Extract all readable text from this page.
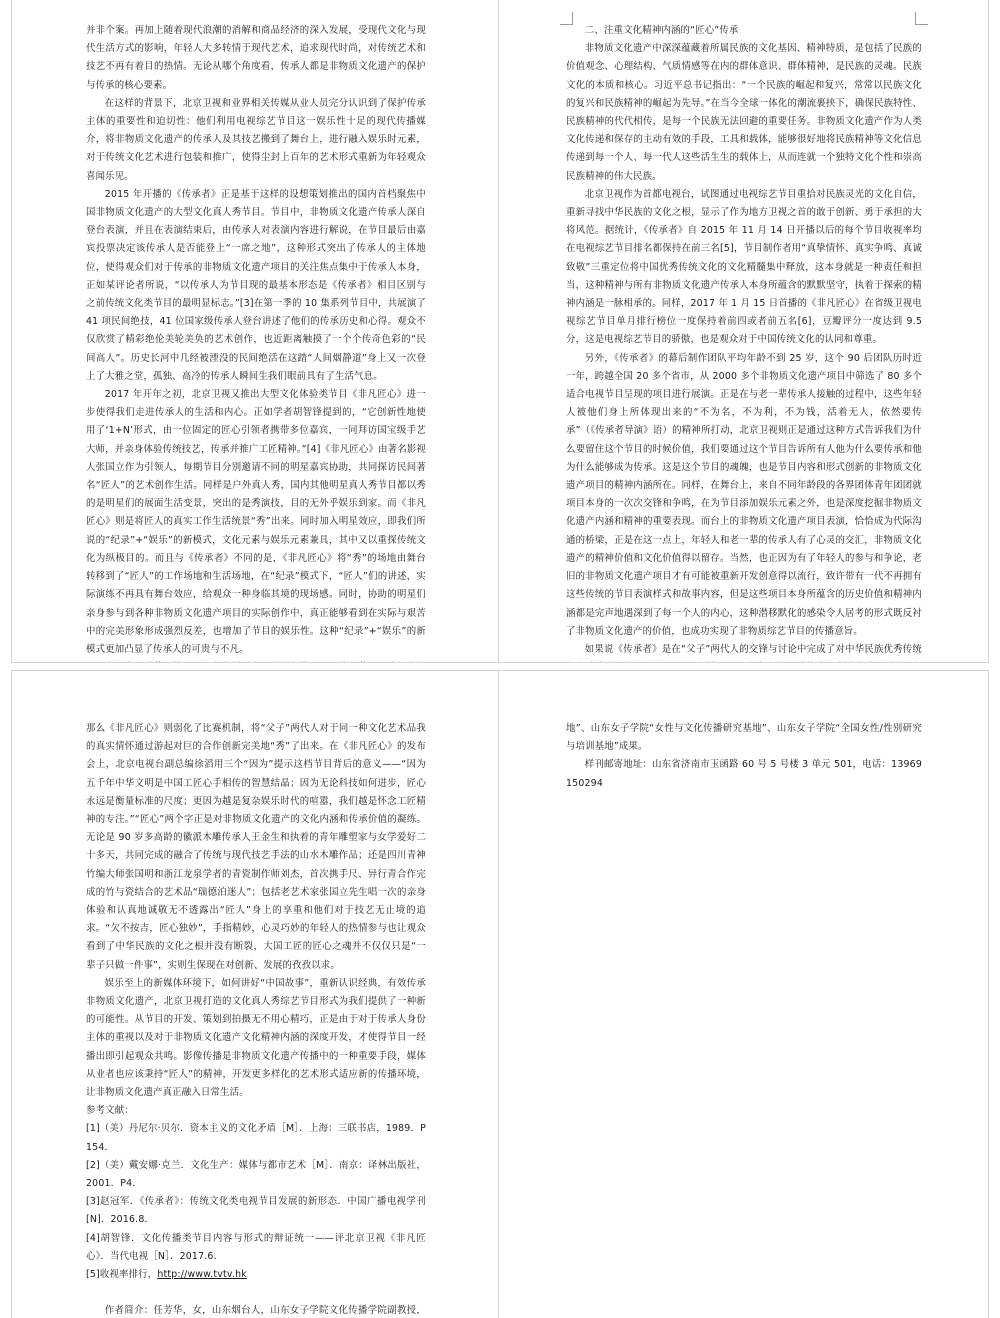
并非个案。再加上随着现代浪潮的消解和商品经济的深入发展，受现代文化与现代生活方式的影响，年轻人大多转情于现代艺术，追求现代时尚，对传统艺术和技艺不再有着目的热情。无论从哪个角度看，传承人都是非物质文化遗产的保护与传承的核心要素。

在这样的背景下，北京卫视和业界相关传媒从业人员完分认识到了保护传承主体的重要性和迫切性：他们利用电视综艺节目这一娱乐性十足的现代传播媒介，将非物质文化遗产的传承人及其技艺搬到了舞台上，进行融入娱乐时元素，对于传统文化艺术进行包装和推广，使得尘封上百年的艺术形式重新为年轻观众喜闻乐见。

2015 年开播的《传承者》正是基于这样的设想策划推出的国内首档聚焦中国非物质文化遗产的大型文化真人秀节目。节目中，非物质文化遗产传承人深自登台表演，并且在表演结束后，由传承人对表演内容进行解说，在节目最后由嘉宾投票决定该传承人是否能登上“一席之地”，这种形式突出了传承人的主体地位，使得观众们对于传承的非物质文化遗产项目的关注焦点集中于传承人本身，正如某评论者所说，“以传承人为节目现的最基本形态是《传承者》相目区别与之前传统文化类节目的最明显标志。”[3]在第一季的 10 集系列节目中，共展演了 41 项民间绝技，41 位国家级传承人登台讲述了他们的传承历史和心得。观众不仅欣赏了精彩绝伦美轮美奂的艺术创作，也近距离触摸了一个个传奇色彩的“民间高人”。历史长河中几经被湮没的民间绝活在这踏“人间烟静道”身上又一次登上了大雅之堂，孤独、高冷的传承人瞬间生我们眼前具有了生活气息。

2017 年开年之初，北京卫视又推出大型文化体验类节目《非凡匠心》进一步使得我们走进传承人的生活和内心。正如学者胡智锋提到的，“它创新性地使用了‘1+N’形式，由一位固定的匠心引领者携带多位嘉宾，一同拜访国宝级手艺大师，并亲身体验传统技艺，传承并推广工匠精神。”[4]《非凡匠心》由著名影视人张国立作为引领人，每期节目分别邀请不同的明星嘉宾协助，共同探访民间著名“匠人”的艺术创作生活。同样是户外真人秀，国内其他明星真人秀节目都以秀的是明星们的展面生活变景，突出的是秀演技，目的无外乎娱乐到家。而《非凡匠心》则是将匠人的真实工作生活统景“秀”出来。同时加入明星效应，即我们所说的“纪录”+“娱乐”的新模式，文化元素与娱乐元素兼具，其中又以重探传统文化为纵极目的。而且与《传承者》不同的是，《非凡匠心》将“秀”的场地由舞台转移到了“匠人”的工作场地和生活场地，在“纪录”模式下，“匠人”们的讲述，实际演练不再具有舞台效应，给观众一种身临其境的现场感。同时，协助的明星们亲身参与到各种非物质文化遗产项目的实际创作中，真正能够看到在实际与艰苦中的完美形象形成强烈反差，也增加了节目的娱乐性。这种“纪录”+“娱乐”的新模式更加凸显了传承人的可贵与不凡。

二、注重文化精神内涵的“匠心”传承

非物质文化遗产中深深蕴藏着所属民族的文化基因、精神特质，是包括了民族的价值观念、心理结构、气质情感等在内的群体意识、群体精神，是民族的灵魂。民族文化的本质和核心。习近平总书记指出：“一个民族的崛起和复兴，常常以民族文化的复兴和民族精神的崛起为先导。”在当今全球一体化的潮流裹挟下，确保民族特性、民族精神的代代相传，是每一个民族无法回避的重要任务。非物质文化遗产作为人类文化传递和保存的主动有效的手段，工具和载体，能够很好地将民族精神等文化信息传递到每一个人、每一代人这些活生生的载体上，从而连就一个独特文化个性和崇高民族精神的伟大民族。

北京卫视作为首都电视台，试图通过电视综艺节目重拾对民族灵光的文化自信，重新寻找中华民族的文化之根，显示了作为地方卫视之首的敢于创新、勇于承担的大将风范。据统计，《传承者》自 2015 年 11 月 14 日开播以后的每个节目收视率均在电视综艺节目排名都保持在前三名[5]，节目制作者用“真挚情怀、真实争鸣、真诚致敬”三重定位将中国优秀传统文化的文化精髓集中释放，这本身就是一种责任和担当，这种精神与所有非物质文化遗产传承人本身所蕴含的默默坚守，执着于探索的精神内涵是一脉相承的。同样，2017 年 1 月 15 日首播的《非凡匠心》在省级卫视电视综艺节目单月排行榜位一度保持着前四或者前五名[6]，豆瓣评分一度达到 9.5 分，这是电视综艺节目的骄傲，也是观众对于中国传统文化的认同和尊重。

另外，《传承者》的幕后制作团队平均年龄不到 25 岁，这个 90 后团队历时近一年，跨越全国 20 多个省市，从 2000 多个非物质文化遗产项目中筛选了 80 多个适合电视节目呈现的项目进行展演。正是在与老一辈传承人接触的过程中，这些年轻人被他们身上所体现出来的“不为名，不为利，不为钱，活着无人，依然要传承”（《传承者导演》语）的精神所打动，北京卫视则正是通过这种方式告诉我们为什么要留住这个节目的时候价值，我们要通过这个节目告诉所有人他为什么要传承和他为什么能够成为传承。这是这个节目的魂魄，也是节目内容和形式创新的非物质文化遗产项目的精神内涵所在。同样，在舞台上，来自不同年龄段的各界团体青年团团就项目本身的一次次交锋和争鸣，在为节目添加娱乐元素之外，也是深度挖掘非物质文化遗产内涵和精神的重要表现。而台上的非物质文化遗产项目表演，恰恰成为代际沟通的桥梁，正是在这一点上，年轻人和老一辈的传承人有了心灵的交汇，非物质文化遗产的精神价值和文化价值得以留存。当然，也正因为有了年轻人的参与和争论，老旧的非物质文化遗产项目才有可能被重新开发创意得以流行，致许带有一代不再拥有这些传统的节目表演样式和故事内容，但是这些项目本身所蕴含的历史价值和精神内涵都是完声地遇深到了每一个人的内心，这种潜移默化的感染令人居考的形式既反衬了非物质文化遗产的价值，也成功实现了非物质综艺节目的传播意旨。

如果说《传承者》是在“父子”两代人的交锋与讨论中完成了对中华民族优秀传统

那么《非凡匠心》则弱化了比赛机制，将“父子”两代人对于同一种文化艺术品我的真实情怀通过游起对巨的合作创新完美地“秀”了出来。在《非凡匠心》的发布会上，北京电视台副总编徐滔用三个“因为”提示这档节目背后的意义——“因为五千年中华文明是中国工匠心手相传的智慧结晶；因为无论科技如何进步，匠心永远是衡量标准的尺度；更因为越是复杂娱乐时代的喧嚣，我们越是怀念工匠精神的专注。”“匠心”两个字正是对非物质文化遗产的文化内涵和传承价值的凝练。无论是 90 岁多高龄的徽派木雕传承人王金生和执着的青年雕塑家与女学爱好二十多天，共同完成的融合了传统与现代技艺手法的山水木雕作品；还是四川青神竹编大师张国明和浙江龙泉学者的青瓷制作师刘杰，首次携手尺、异行青合作完成的竹与瓷结合的艺术品“瑞德泊迷人”；包括老艺术家张国立先生唱一次的亲身体验和认真地诚敬无不透露出“匠人”身上的享重和他们对于技艺无止境的追求。“欠不按吉，匠心独妙”，手指精妙，心灵巧妙的年轻人的热情参与也让观众看到了中华民族的文化之根并没有断裂，大国工匠的匠心之魂并不仅仅只是“一辈子只做一件事”，实则生保现在对创新、发展的孜孜以求。

娱乐至上的新媒体环境下，如何讲好“中国故事”，重新认识经典，有效传承非物质文化遗产，北京卫视打造的文化真人秀综艺节目形式为我们提供了一种新的可能性。从节目的开发、策划到拍摄无不用心精巧，正是由于对于传承人身份主体的重视以及对于非物质文化遗产文化精神内涵的深度开发，才使得节目一经播出即引起观众共鸣。影像传播是非物质文化遗产传播中的一种重要手段，媒体从业者也应该秉持“匠人”的精神，开发更多样化的艺术形式适应新的传播环境，让非物质文化遗产真正融入日常生活。

参考文献：

[1]（美）丹尼尔·贝尔．资本主义的文化矛盾［M］．上海：三联书店，1989．P154．

[2]（美）戴安娜·克兰．文化生产：媒体与都市艺术［M］．南京：译林出版社，2001．P4．

[3]赵冠军．《传承者》：传统文化类电视节目发展的新形态．中国广播电视学刊[N]．2016.8．

[4]胡智锋．文化传播类节目内容与形式的辩证统一——评北京卫视《非凡匠心》．当代电视［N］．2017.6．

[5]收视率排行，http://www.tvtv.hk

作者简介：任芳华，女，山东烟台人，山东女子学院文化传播学院副教授，

地”、山东女子学院“女性与文化传播研究基地”、山东女子学院“全国女性/性别研究与培训基地”成果。

样刊邮寄地址：山东省济南市玉函路 60 号 5 号楼 3 单元 501，电话：13969150294
